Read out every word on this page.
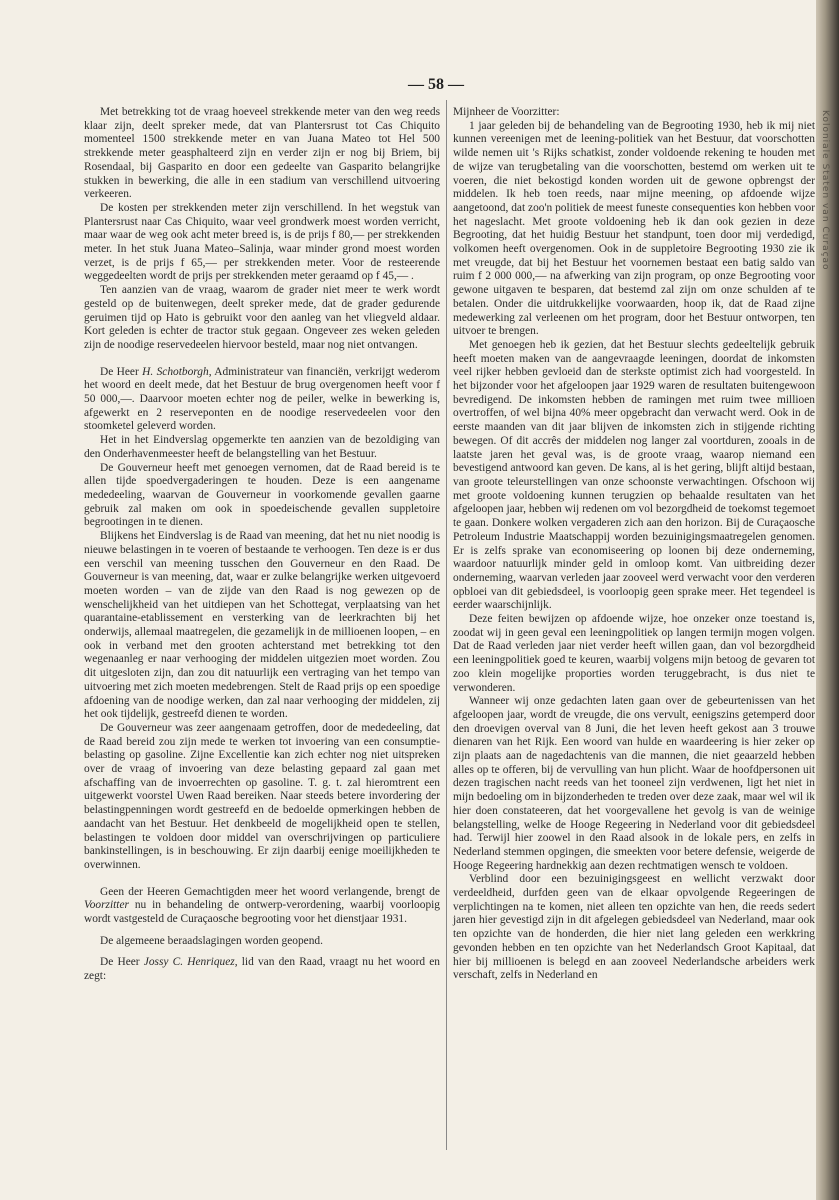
— 58 —

Met betrekking tot de vraag hoeveel strekkende meter van den weg reeds klaar zijn, deelt spreker mede, dat van Plantersrust tot Cas Chiquito momenteel 1500 strekkende meter en van Juana Mateo tot Hel 500 strekkende meter geasphalteerd zijn en verder zijn er nog bij Briem, bij Rosendaal, bij Gasparito en door een gedeelte van Gasparito belangrijke stukken in bewerking, die alle in een stadium van verschillend uitvoering verkeeren.

De kosten per strekkenden meter zijn verschillend. In het wegstuk van Plantersrust naar Cas Chiquito, waar veel grondwerk moest worden verricht, maar waar de weg ook acht meter breed is, is de prijs f 80,— per strekkenden meter. In het stuk Juana Mateo–Salinja, waar minder grond moest worden verzet, is de prijs f 65,— per strekkenden meter. Voor de resteerende weggedeelten wordt de prijs per strekkenden meter geraamd op f 45,— .

Ten aanzien van de vraag, waarom de grader niet meer te werk wordt gesteld op de buitenwegen, deelt spreker mede, dat de grader gedurende geruimen tijd op Hato is gebruikt voor den aanleg van het vliegveld aldaar. Kort geleden is echter de tractor stuk gegaan. Ongeveer zes weken geleden zijn de noodige reservedeelen hiervoor besteld, maar nog niet ontvangen.

De Heer H. Schotborgh, Administrateur van financiën, verkrijgt wederom het woord en deelt mede, dat het Bestuur de brug overgenomen heeft voor f 50 000,—. Daarvoor moeten echter nog de peiler, welke in bewerking is, afgewerkt en 2 reserveponten en de noodige reservedeelen voor den stoomketel geleverd worden.

Het in het Eindverslag opgemerkte ten aanzien van de bezoldiging van den Onderhavenmeester heeft de belangstelling van het Bestuur.

De Gouverneur heeft met genoegen vernomen, dat de Raad bereid is te allen tijde spoedvergaderingen te houden. Deze is een aangename mededeeling, waarvan de Gouverneur in voorkomende gevallen gaarne gebruik zal maken om ook in spoedeischende gevallen suppletoire begrootingen in te dienen.

Blijkens het Eindverslag is de Raad van meening, dat het nu niet noodig is nieuwe belastingen in te voeren of bestaande te verhoogen. Ten deze is er dus een verschil van meening tusschen den Gouverneur en den Raad. De Gouverneur is van meening, dat, waar er zulke belangrijke werken uitgevoerd moeten worden – van de zijde van den Raad is nog gewezen op de wenschelijkheid van het uitdiepen van het Schottegat, verplaatsing van het quarantaine-etablissement en versterking van de leerkrachten bij het onderwijs, allemaal maatregelen, die gezamelijk in de millioenen loopen, – en ook in verband met den grooten achterstand met betrekking tot den wegenaanleg er naar verhooging der middelen uitgezien moet worden. Zou dit uitgesloten zijn, dan zou dit natuurlijk een vertraging van het tempo van uitvoering met zich moeten medebrengen. Stelt de Raad prijs op een spoedige afdoening van de noodige werken, dan zal naar verhooging der middelen, zij het ook tijdelijk, gestreefd dienen te worden.

De Gouverneur was zeer aangenaam getroffen, door de mededeeling, dat de Raad bereid zou zijn mede te werken tot invoering van een consumptie-belasting op gasoline. Zijne Excellentie kan zich echter nog niet uitspreken over de vraag of invoering van deze belasting gepaard zal gaan met afschaffing van de invoerrechten op gasoline. T. g. t. zal hieromtrent een uitgewerkt voorstel Uwen Raad bereiken. Naar steeds betere invordering der belastingpenningen wordt gestreefd en de bedoelde opmerkingen hebben de aandacht van het Bestuur. Het denkbeeld de mogelijkheid open te stellen, belastingen te voldoen door middel van overschrijvingen op particuliere bankinstellingen, is in beschouwing. Er zijn daarbij eenige moeilijkheden te overwinnen.

Geen der Heeren Gemachtigden meer het woord verlangende, brengt de Voorzitter nu in behandeling de ontwerp-verordening, waarbij voorloopig wordt vastgesteld de Curaçaosche begrooting voor het dienstjaar 1931.

De algemeene beraadslagingen worden geopend.

De Heer Jossy C. Henriquez, lid van den Raad, vraagt nu het woord en zegt:

Mijnheer de Voorzitter:

1 jaar geleden bij de behandeling van de Begrooting 1930, heb ik mij niet kunnen vereenigen met de leening-politiek van het Bestuur, dat voorschotten wilde nemen uit 's Rijks schatkist, zonder voldoende rekening te houden met de wijze van terugbetaling van die voorschotten, bestemd om werken uit te voeren, die niet bekostigd konden worden uit de gewone opbrengst der middelen. Ik heb toen reeds, naar mijne meening, op afdoende wijze aangetoond, dat zoo'n politiek de meest funeste consequenties kon hebben voor het nageslacht. Met groote voldoening heb ik dan ook gezien in deze Begrooting, dat het huidig Bestuur het standpunt, toen door mij verdedigd, volkomen heeft overgenomen. Ook in de suppletoire Begrooting 1930 zie ik met vreugde, dat bij het Bestuur het voornemen bestaat een batig saldo van ruim f 2 000 000,— na afwerking van zijn program, op onze Begrooting voor gewone uitgaven te besparen, dat bestemd zal zijn om onze schulden af te betalen. Onder die uitdrukkelijke voorwaarden, hoop ik, dat de Raad zijne medewerking zal verleenen om het program, door het Bestuur ontworpen, ten uitvoer te brengen.

Met genoegen heb ik gezien, dat het Bestuur slechts gedeeltelijk gebruik heeft moeten maken van de aangevraagde leeningen, doordat de inkomsten veel rijker hebben gevloeid dan de sterkste optimist zich had voorgesteld. In het bijzonder voor het afgeloopen jaar 1929 waren de resultaten buitengewoon bevredigend. De inkomsten hebben de ramingen met ruim twee millioen overtroffen, of wel bijna 40% meer opgebracht dan verwacht werd. Ook in de eerste maanden van dit jaar blijven de inkomsten zich in stijgende richting bewegen. Of dit accrês der middelen nog langer zal voortduren, zooals in de laatste jaren het geval was, is de groote vraag, waarop niemand een bevestigend antwoord kan geven. De kans, al is het gering, blijft altijd bestaan, van groote teleurstellingen van onze schoonste verwachtingen. Ofschoon wij met groote voldoening kunnen terugzien op behaalde resultaten van het afgeloopen jaar, hebben wij redenen om vol bezorgdheid de toekomst tegemoet te gaan. Donkere wolken vergaderen zich aan den horizon. Bij de Curaçaosche Petroleum Industrie Maatschappij worden bezuinigingsmaatregelen genomen. Er is zelfs sprake van economiseering op loonen bij deze onderneming, waardoor natuurlijk minder geld in omloop komt. Van uitbreiding dezer onderneming, waarvan verleden jaar zooveel werd verwacht voor den verderen opbloei van dit gebiedsdeel, is voorloopig geen sprake meer. Het tegendeel is eerder waarschijnlijk.

Deze feiten bewijzen op afdoende wijze, hoe onzeker onze toestand is, zoodat wij in geen geval een leeningpolitiek op langen termijn mogen volgen. Dat de Raad verleden jaar niet verder heeft willen gaan, dan vol bezorgdheid een leeningpolitiek goed te keuren, waarbij volgens mijn betoog de gevaren tot zoo klein mogelijke proporties worden teruggebracht, is dus niet te verwonderen.

Wanneer wij onze gedachten laten gaan over de gebeurtenissen van het afgeloopen jaar, wordt de vreugde, die ons vervult, eenigszins getemperd door den droevigen overval van 8 Juni, die het leven heeft gekost aan 3 trouwe dienaren van het Rijk. Een woord van hulde en waardeering is hier zeker op zijn plaats aan de nagedachtenis van die mannen, die niet geaarzeld hebben alles op te offeren, bij de vervulling van hun plicht. Waar de hoofdpersonen uit dezen tragischen nacht reeds van het tooneel zijn verdwenen, ligt het niet in mijn bedoeling om in bijzonderheden te treden over deze zaak, maar wel wil ik hier doen constateeren, dat het voorgevallene het gevolg is van de weinige belangstelling, welke de Hooge Regeering in Nederland voor dit gebiedsdeel had. Terwijl hier zoowel in den Raad alsook in de lokale pers, en zelfs in Nederland stemmen opgingen, die smeekten voor betere defensie, weigerde de Hooge Regeering hardnekkig aan dezen rechtmatigen wensch te voldoen.

Verblind door een bezuinigingsgeest en wellicht verzwakt door verdeeldheid, durfden geen van de elkaar opvolgende Regeeringen de verplichtingen na te komen, niet alleen ten opzichte van hen, die reeds sedert jaren hier gevestigd zijn in dit afgelegen gebiedsdeel van Nederland, maar ook ten opzichte van de honderden, die hier niet lang geleden een werkkring gevonden hebben en ten opzichte van het Nederlandsch Groot Kapitaal, dat hier bij millioenen is belegd en aan zooveel Nederlandsche arbeiders werk verschaft, zelfs in Nederland en

Koloniale Staten van Curaçao
